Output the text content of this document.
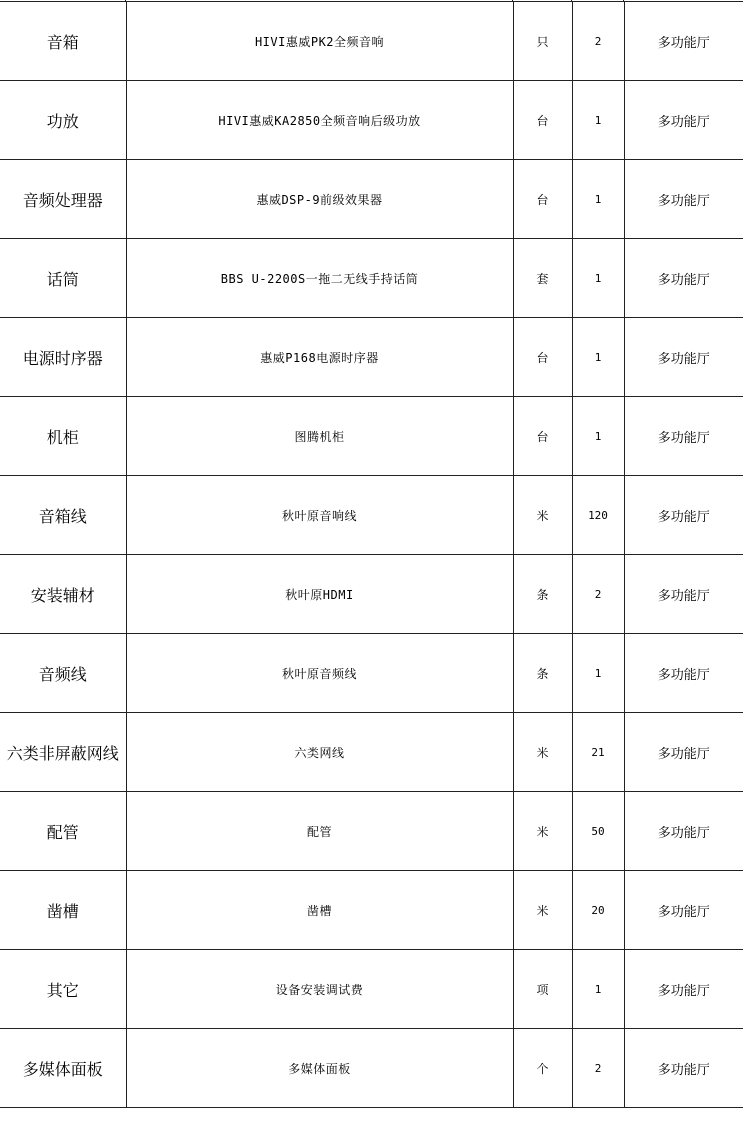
音箱	HIVI惠威PK2全频音响	只	2	多功能厅
功放	HIVI惠威KA2850全频音响后级功放	台	1	多功能厅
音频处理器	惠威DSP-9前级效果器	台	1	多功能厅
话筒	BBS U-2200S一拖二无线手持话筒	套	1	多功能厅
电源时序器	惠威P168电源时序器	台	1	多功能厅
机柜	图腾机柜	台	1	多功能厅
音箱线	秋叶原音响线	米	120	多功能厅
安装辅材	秋叶原HDMI	条	2	多功能厅
音频线	秋叶原音频线	条	1	多功能厅
六类非屏蔽网线	六类网线	米	21	多功能厅
配管	配管	米	50	多功能厅
凿槽	凿槽	米	20	多功能厅
其它	设备安装调试费	项	1	多功能厅
多媒体面板	多媒体面板	个	2	多功能厅
